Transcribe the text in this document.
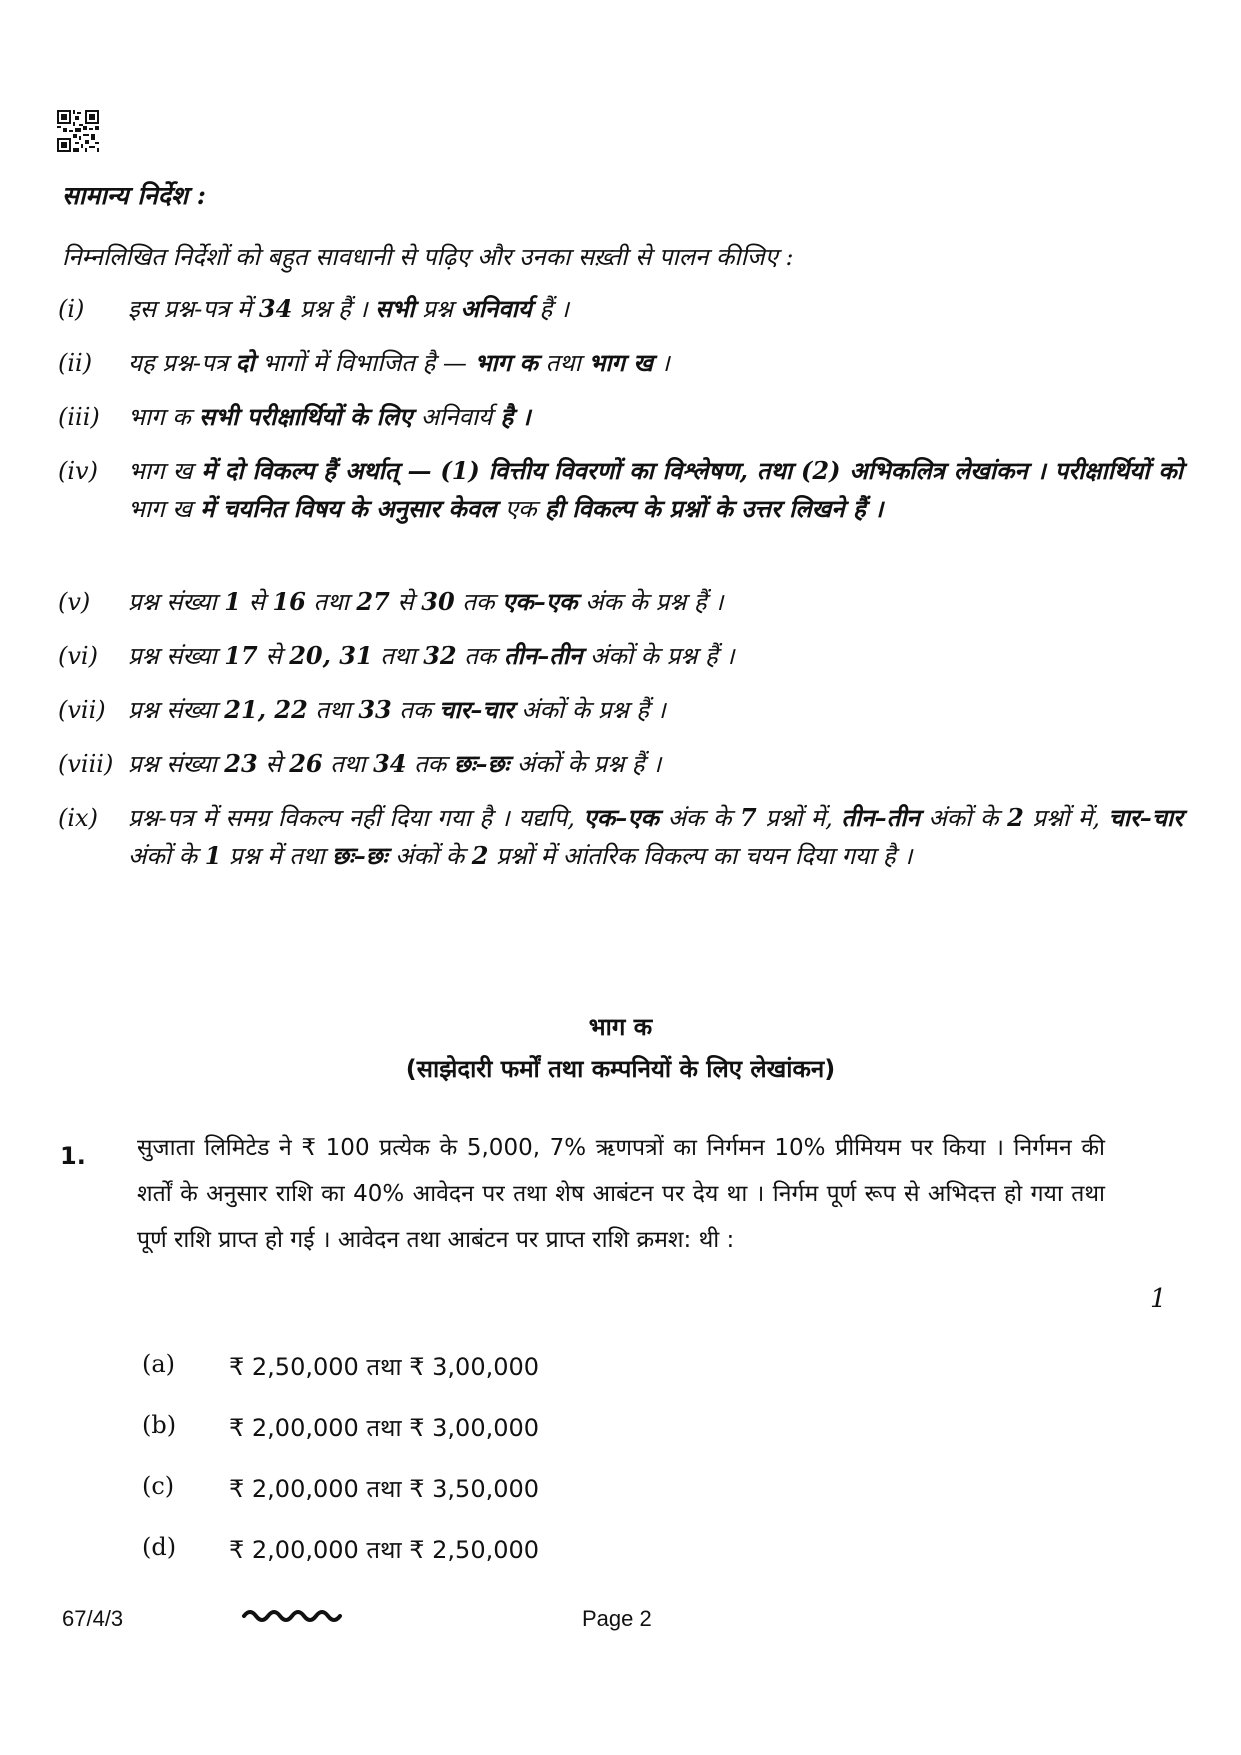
सामान्य निर्देश :
निम्नलिखित निर्देशों को बहुत सावधानी से पढ़िए और उनका सख़्ती से पालन कीजिए :
(i) इस प्रश्न-पत्र में 34 प्रश्न हैं । सभी प्रश्न अनिवार्य हैं ।
(ii) यह प्रश्न-पत्र दो भागों में विभाजित है — भाग क तथा भाग ख ।
(iii) भाग क सभी परीक्षार्थियों के लिए अनिवार्य है ।
(iv) भाग ख में दो विकल्प हैं अर्थात् — (1) वित्तीय विवरणों का विश्लेषण, तथा (2) अभिकलित्र लेखांकन । परीक्षार्थियों को भाग ख में चयनित विषय के अनुसार केवल एक ही विकल्प के प्रश्नों के उत्तर लिखने हैं ।
(v) प्रश्न संख्या 1 से 16 तथा 27 से 30 तक एक–एक अंक के प्रश्न हैं ।
(vi) प्रश्न संख्या 17 से 20, 31 तथा 32 तक तीन–तीन अंकों के प्रश्न हैं ।
(vii) प्रश्न संख्या 21, 22 तथा 33 तक चार–चार अंकों के प्रश्न हैं ।
(viii) प्रश्न संख्या 23 से 26 तथा 34 तक छः–छः अंकों के प्रश्न हैं ।
(ix) प्रश्न-पत्र में समग्र विकल्प नहीं दिया गया है । यद्यपि, एक–एक अंक के 7 प्रश्नों में, तीन–तीन अंकों के 2 प्रश्नों में, चार–चार अंकों के 1 प्रश्न में तथा छः–छः अंकों के 2 प्रश्नों में आंतरिक विकल्प का चयन दिया गया है ।
भाग क
(साझेदारी फर्मों तथा कम्पनियों के लिए लेखांकन)
1. सुजाता लिमिटेड ने ₹ 100 प्रत्येक के 5,000, 7% ऋणपत्रों का निर्गमन 10% प्रीमियम पर किया । निर्गमन की शर्तों के अनुसार राशि का 40% आवेदन पर तथा शेष आबंटन पर देय था । निर्गम पूर्ण रूप से अभिदत्त हो गया तथा पूर्ण राशि प्राप्त हो गई । आवेदन तथा आबंटन पर प्राप्त राशि क्रमश: थी :
1
(a) ₹ 2,50,000 तथा ₹ 3,00,000
(b) ₹ 2,00,000 तथा ₹ 3,00,000
(c) ₹ 2,00,000 तथा ₹ 3,50,000
(d) ₹ 2,00,000 तथा ₹ 2,50,000
67/4/3	Page 2
